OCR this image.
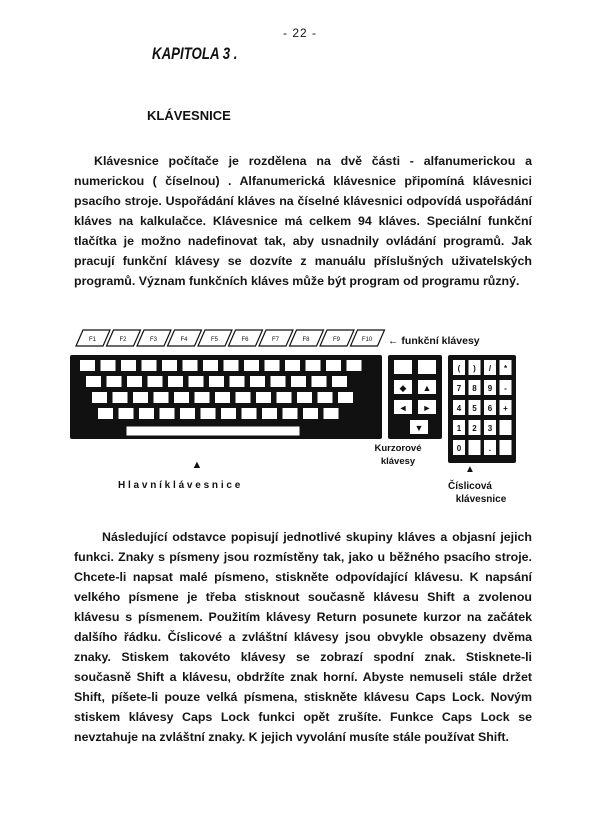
- 22 -
KAPITOLA 3 .
KLÁVESNICE
Klávesnice počítače je rozdělena na dvě části - alfanumerickou a numerickou ( číselnou) . Alfanumerická klávesnice připomíná klávesnici psacího stroje. Uspořádání kláves na číselné klávesnici odpovídá uspořádání kláves na kalkulačce. Klávesnice má celkem 94 kláves. Speciální funkční tlačítka je možno nadefinovat tak, aby usnadnily ovládání programů. Jak pracují funkční klávesy se dozvíte z manuálu příslušných uživatelských programů. Význam funkčních kláves může být program od programu různý.
F1	F2	F3	F4	F5	F6	F7	F8	F9	F10 ← funkční klávesy
▲
H l a v n í k l á v e s n i c e
◆ ▲
◄ ►
▼
Kurzorové
klávesy
( ) / *
7 8 9 -
4 5 6 +
1 2 3
0	.
▲
Číslicová
klávesnice
Následující odstavce popisují jednotlivé skupiny kláves a objasní jejich funkci. Znaky s písmeny jsou rozmístěny tak, jako u běžného psacího stroje. Chcete-li napsat malé písmeno, stiskněte odpovídající klávesu. K napsání velkého písmene je třeba stisknout současně klávesu Shift a zvolenou klávesu s písmenem. Použitím klávesy Return posunete kurzor na začátek dalšího řádku. Číslicové a zvláštní klávesy jsou obvykle obsazeny dvěma znaky. Stiskem takovéto klávesy se zobrazí spodní znak. Stisknete-li současně Shift a klávesu, obdržíte znak horní. Abyste nemuseli stále držet Shift, píšete-li pouze velká písmena, stiskněte klávesu Caps Lock. Novým stiskem klávesy Caps Lock funkci opět zrušíte. Funkce Caps Lock se nevztahuje na zvláštní znaky. K jejich vyvolání musíte stále používat Shift.
